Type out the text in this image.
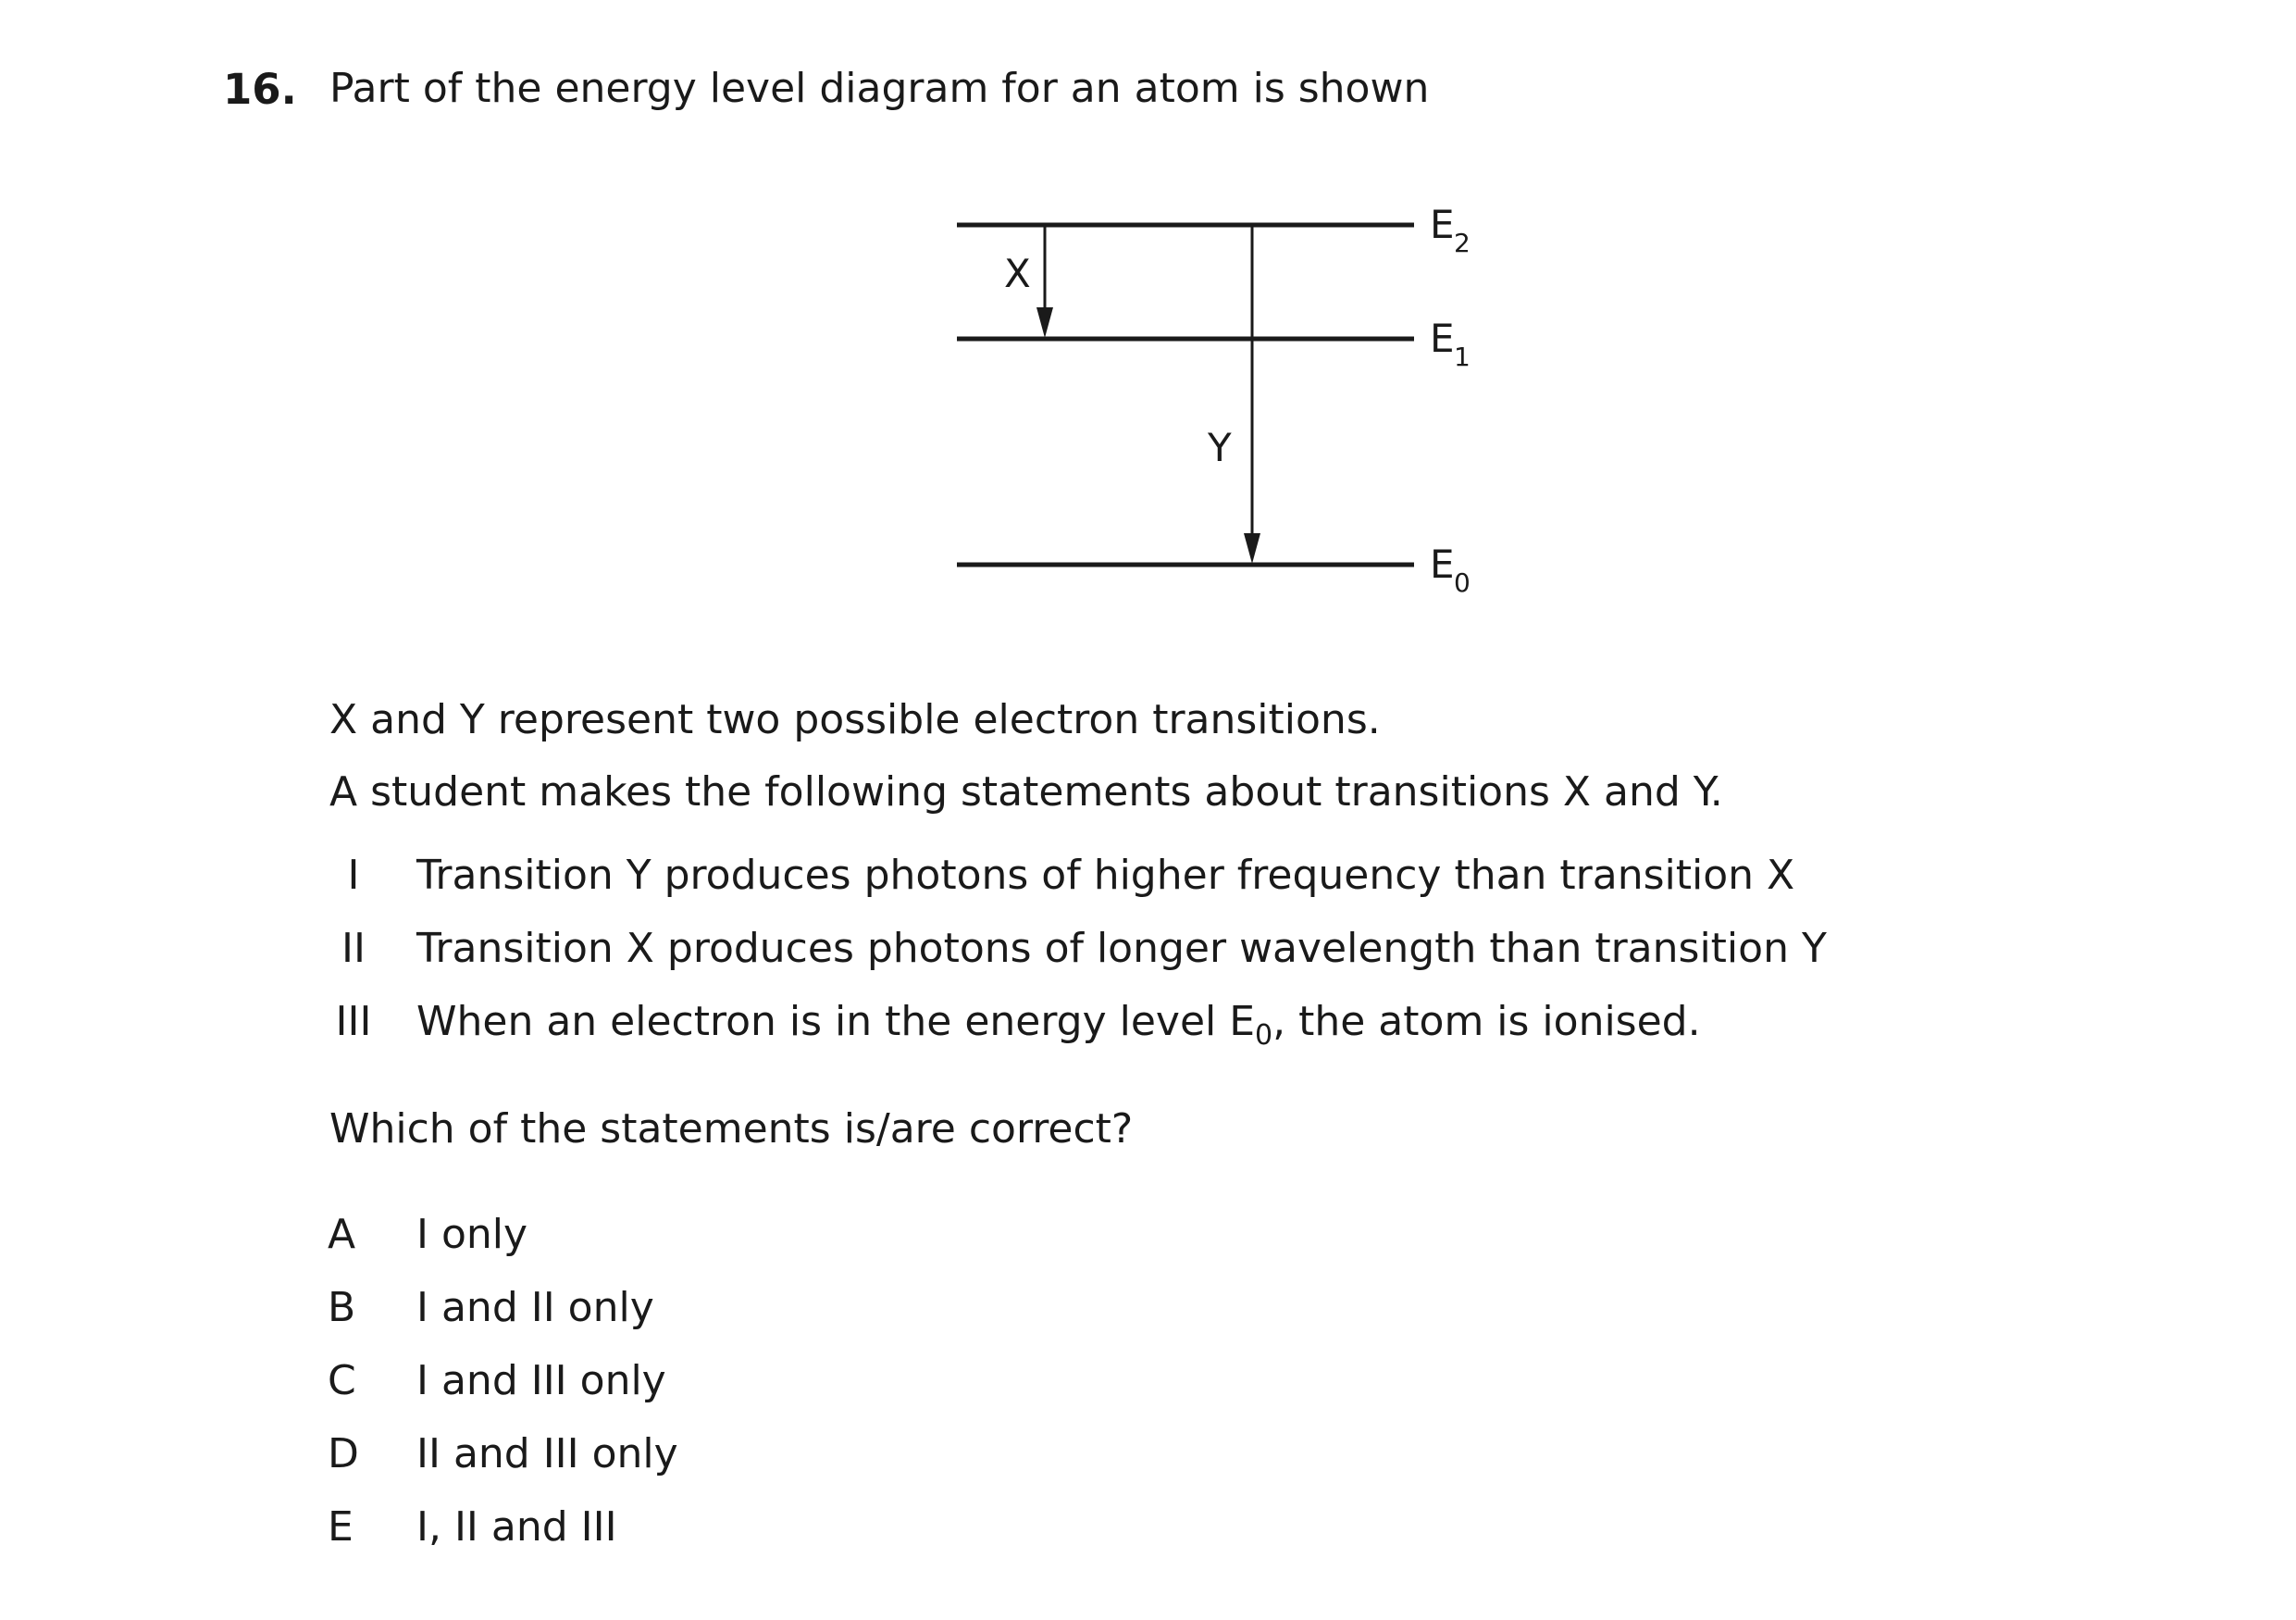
16. Part of the energy level diagram for an atom is shown
X
Y
E 2
E 1
E 0
X and Y represent two possible electron transitions.
A student makes the following statements about transitions X and Y.
I	Transition Y produces photons of higher frequency than transition X
II	Transition X produces photons of longer wavelength than transition Y
III When an electron is in the energy level $E_0$, the atom is ionised.
Which of the statements is/are correct?
A	I only
B	I and II only
C	I and III only
D	II and III only
E	I, II and III
